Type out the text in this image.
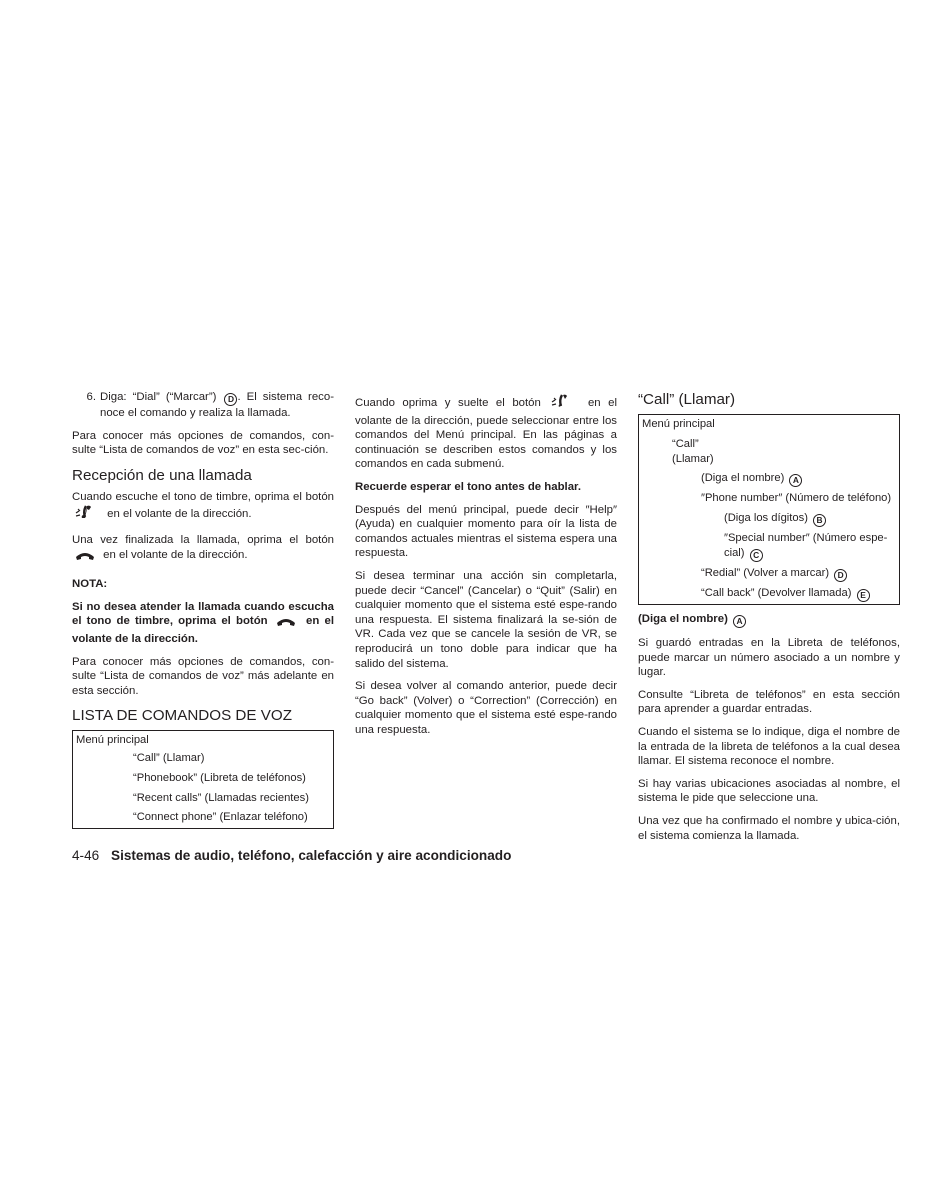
6. Diga: “Dial” (“Marcar”) D . El sistema reco-noce el comando y realiza la llamada.

Para conocer más opciones de comandos, con-sulte “Lista de comandos de voz” en esta sec-ción.

Recepción de una llamada

Cuando escuche el tono de timbre, oprima el botón  en el volante de la dirección.

Una vez finalizada la llamada, oprima el botón  en el volante de la dirección.

NOTA:

Si no desea atender la llamada cuando escucha el tono de timbre, oprima el botón	en el volante de la dirección.

Para conocer más opciones de comandos, con-sulte “Lista de comandos de voz” más adelante en esta sección.

LISTA DE COMANDOS DE VOZ
Menú principal
“Call” (Llamar)
“Phonebook” (Libreta de teléfonos)
“Recent calls” (Llamadas recientes)
“Connect phone” (Enlazar teléfono)

Cuando oprima y suelte el botón	en el volante de la dirección, puede seleccionar entre los comandos del Menú principal. En las páginas a continuación se describen estos comandos y los comandos en cada submenú.

Recuerde esperar el tono antes de hablar.

Después del menú principal, puede decir ″Help″ (Ayuda) en cualquier momento para oír la lista de comandos actuales mientras el sistema espera una respuesta.

Si desea terminar una acción sin completarla, puede decir “Cancel” (Cancelar) o “Quit” (Salir) en cualquier momento que el sistema esté espe-rando una respuesta. El sistema finalizará la se-sión de VR. Cada vez que se cancele la sesión de VR, se reproducirá un tono doble para indicar que ha salido del sistema.

Si desea volver al comando anterior, puede decir “Go back” (Volver) o “Correction” (Corrección) en cualquier momento que el sistema esté espe-rando una respuesta.

“Call” (Llamar)
Menú principal
“Call”
(Llamar)
(Diga el nombre) A
″Phone number″ (Número de teléfono)
(Diga los dígitos) B
″Special number″ (Número espe-
cial) C
“Redial” (Volver a marcar) D
“Call back” (Devolver llamada) E

(Diga el nombre) A

Si guardó entradas en la Libreta de teléfonos, puede marcar un número asociado a un nombre y lugar.

Consulte “Libreta de teléfonos” en esta sección para aprender a guardar entradas.

Cuando el sistema se lo indique, diga el nombre de la entrada de la libreta de teléfonos a la cual desea llamar. El sistema reconoce el nombre.

Si hay varias ubicaciones asociadas al nombre, el sistema le pide que seleccione una.

Una vez que ha confirmado el nombre y ubica-ción, el sistema comienza la llamada.

4-46 Sistemas de audio, teléfono, calefacción y aire acondicionado
